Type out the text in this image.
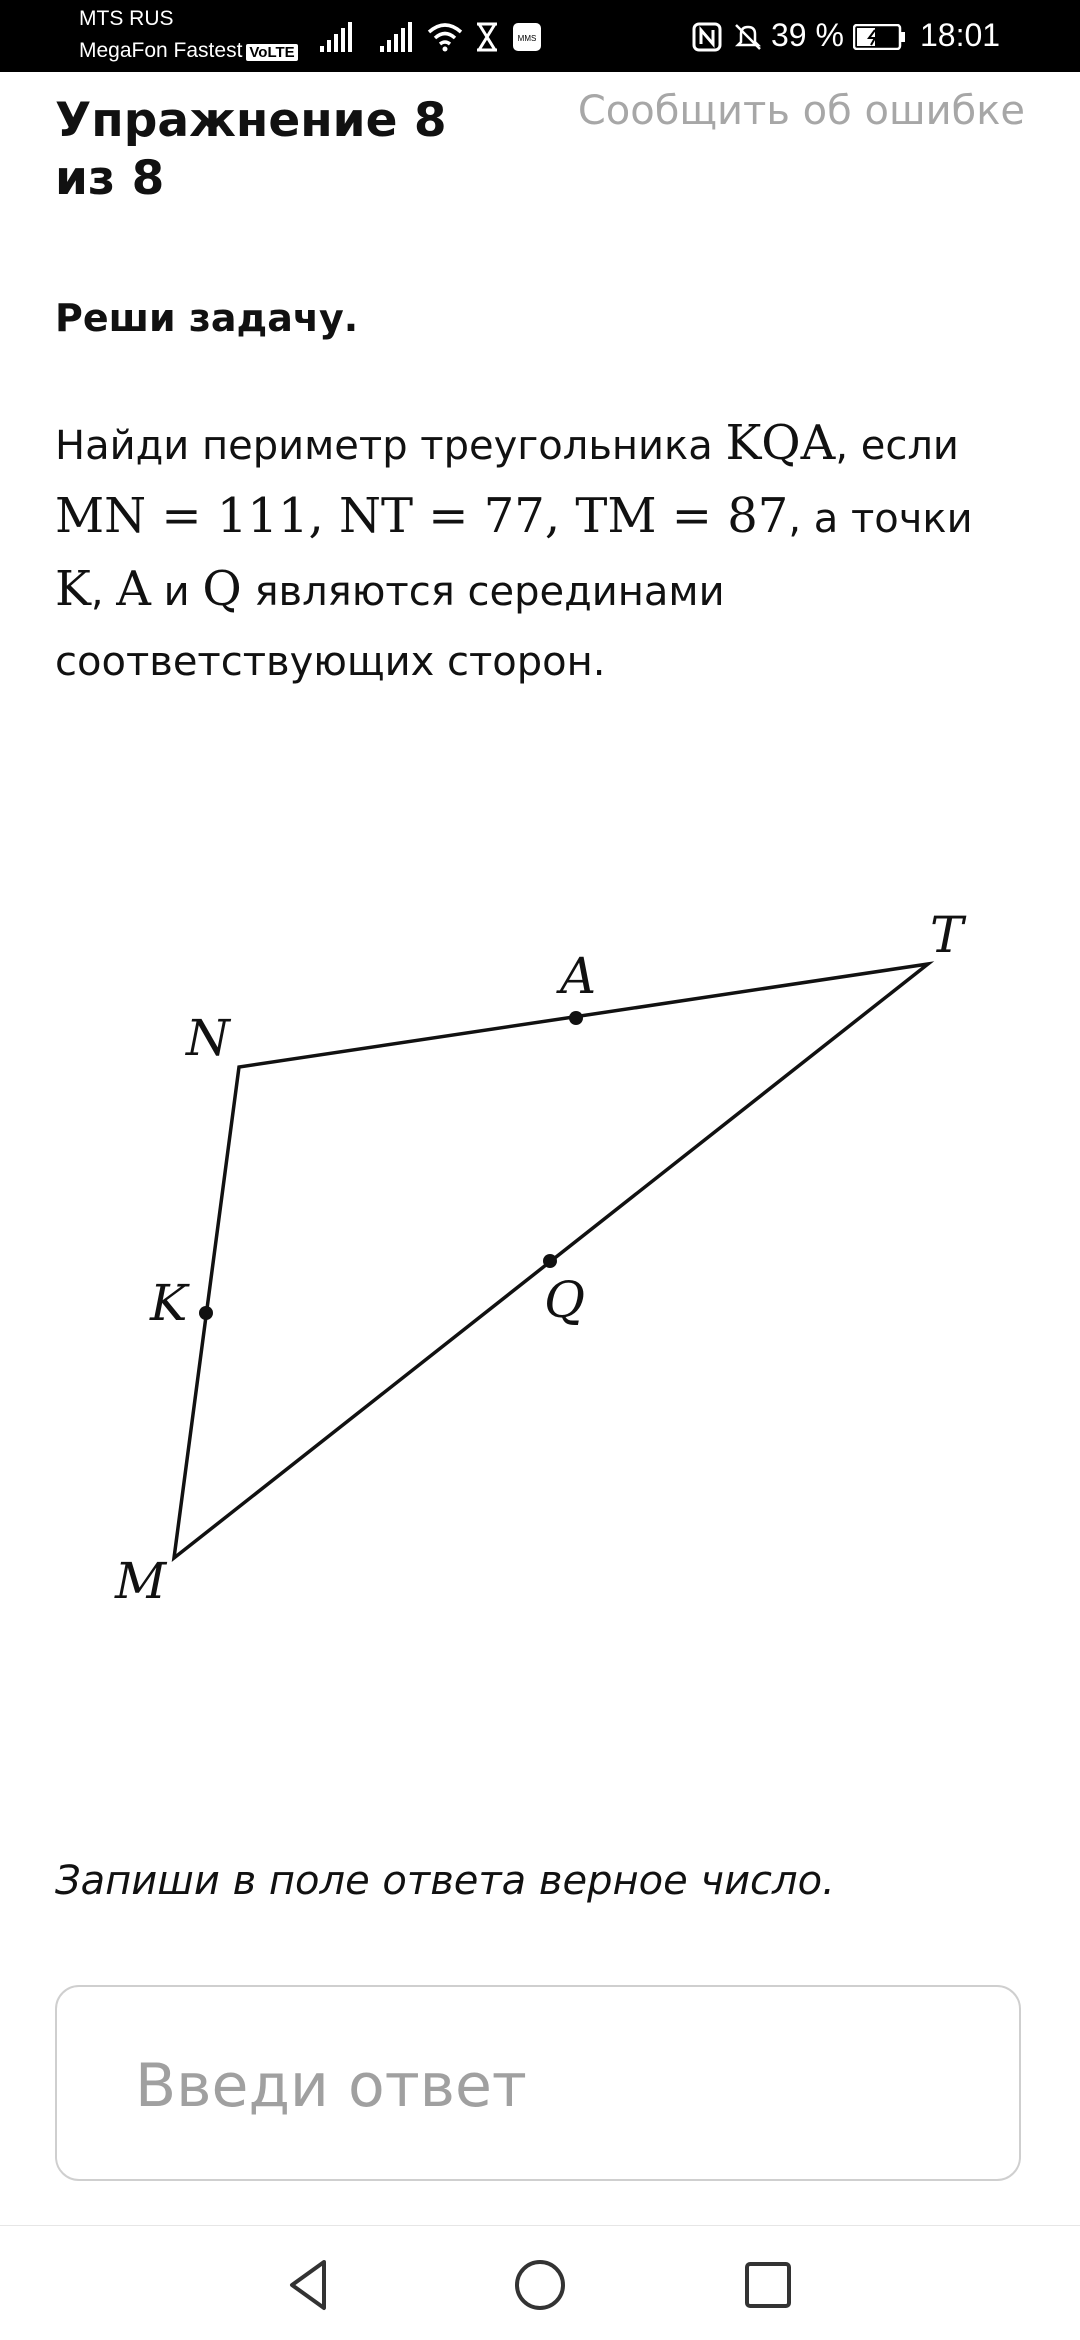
MTS RUS
MegaFon Fastest VoLTE
MMS	39 % 18:01
Упражнение 8 из 8
Сообщить об ошибке
Реши задачу.
Найди периметр треугольника KQA, если MN = 111, NT = 77, TM = 87, а точки K, A и Q являются серединами соответствующих сторон.
M
N
T
K
A
Q
Запиши в поле ответа верное число.
Введи ответ
